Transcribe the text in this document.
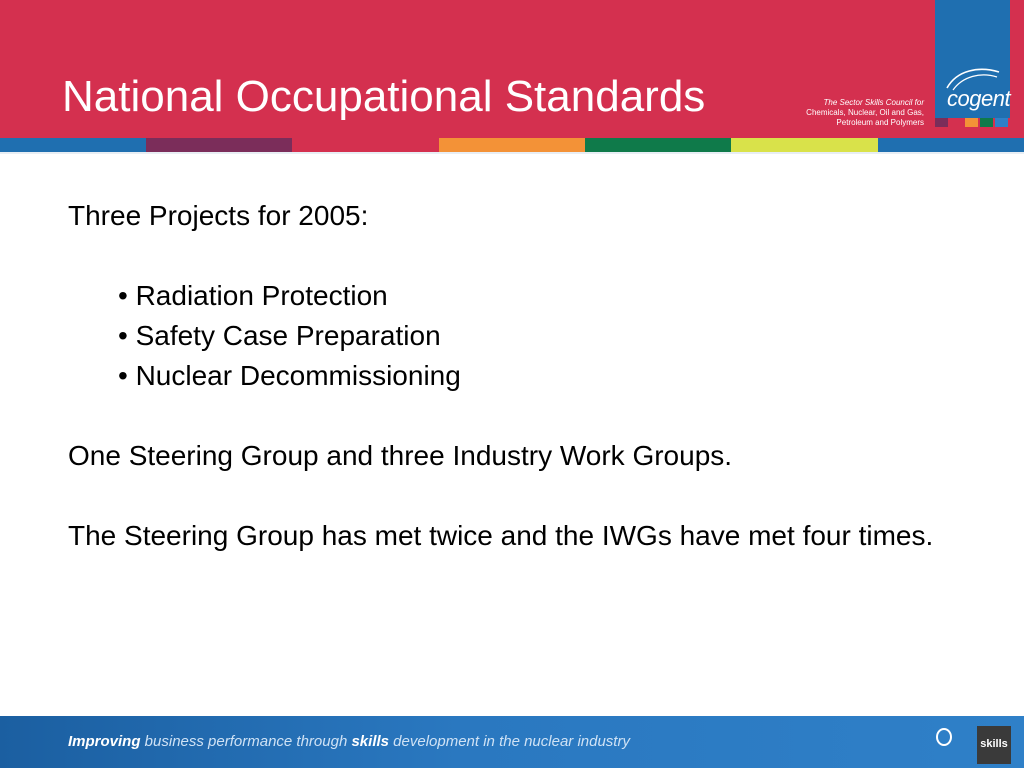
National Occupational Standards	The Sector Skills Council for
Chemicals, Nuclear, Oil and Gas,
Petroleum and Polymers
cogent

Three Projects for 2005:

• Radiation Protection
• Safety Case Preparation
• Nuclear Decommissioning

One Steering Group and three Industry Work Groups.

The Steering Group has met twice and the IWGs have met four times.

Improving business performance through skills development in the nuclear industry	skills
